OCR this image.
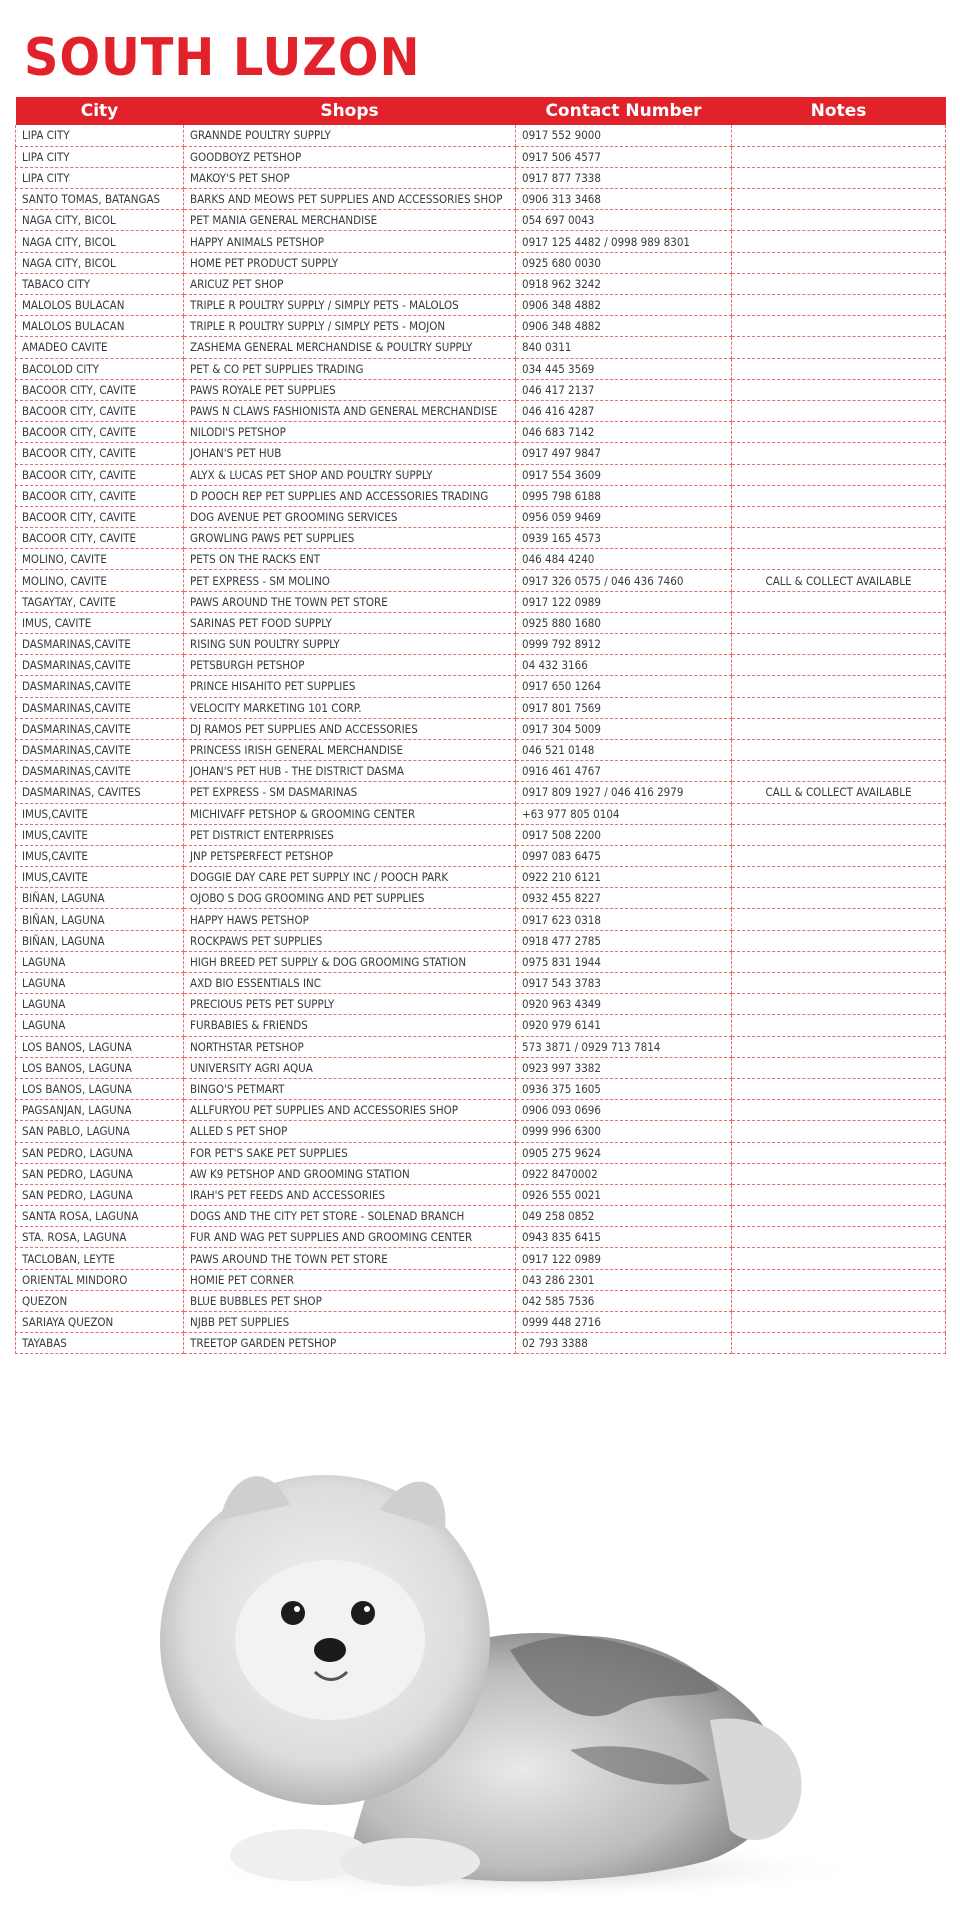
SOUTH LUZON
City	Shops	Contact Number	Notes
LIPA CITY	GRANNDE POULTRY SUPPLY	0917 552 9000	
LIPA CITY	GOODBOYZ PETSHOP	0917 506 4577	
LIPA CITY	MAKOY'S PET SHOP	0917 877 7338	
SANTO TOMAS, BATANGAS	BARKS AND MEOWS PET SUPPLIES AND ACCESSORIES SHOP	0906 313 3468	
NAGA CITY, BICOL	PET MANIA GENERAL MERCHANDISE	054 697 0043	
NAGA CITY, BICOL	HAPPY ANIMALS PETSHOP	0917 125 4482 / 0998 989 8301	
NAGA CITY, BICOL	HOME PET PRODUCT SUPPLY	0925 680 0030	
TABACO CITY	ARICUZ PET SHOP	0918 962 3242	
MALOLOS BULACAN	TRIPLE R POULTRY SUPPLY / SIMPLY PETS - MALOLOS	0906 348 4882	
MALOLOS BULACAN	TRIPLE R POULTRY SUPPLY / SIMPLY PETS - MOJON	0906 348 4882	
AMADEO CAVITE	ZASHEMA GENERAL MERCHANDISE & POULTRY SUPPLY	840 0311	
BACOLOD CITY	PET & CO PET SUPPLIES TRADING	034 445 3569	
BACOOR CITY, CAVITE	PAWS ROYALE PET SUPPLIES	046 417 2137	
BACOOR CITY, CAVITE	PAWS N CLAWS FASHIONISTA AND GENERAL MERCHANDISE	046 416 4287	
BACOOR CITY, CAVITE	NILODI'S PETSHOP	046 683 7142	
BACOOR CITY, CAVITE	JOHAN'S PET HUB	0917 497 9847	
BACOOR CITY, CAVITE	ALYX & LUCAS PET SHOP AND POULTRY SUPPLY	0917 554 3609	
BACOOR CITY, CAVITE	D POOCH REP PET SUPPLIES AND ACCESSORIES TRADING	0995 798 6188	
BACOOR CITY, CAVITE	DOG AVENUE PET GROOMING SERVICES	0956 059 9469	
BACOOR CITY, CAVITE	GROWLING PAWS PET SUPPLIES	0939 165 4573	
MOLINO, CAVITE	PETS ON THE RACKS ENT	046 484 4240	
MOLINO, CAVITE	PET EXPRESS - SM MOLINO	0917 326 0575 / 046 436 7460	CALL & COLLECT AVAILABLE
TAGAYTAY, CAVITE	PAWS AROUND THE TOWN PET STORE	0917 122 0989	
IMUS, CAVITE	SARINAS PET FOOD SUPPLY	0925 880 1680	
DASMARINAS,CAVITE	RISING SUN POULTRY SUPPLY	0999 792 8912	
DASMARINAS,CAVITE	PETSBURGH PETSHOP	04 432 3166	
DASMARINAS,CAVITE	PRINCE HISAHITO PET SUPPLIES	0917 650 1264	
DASMARINAS,CAVITE	VELOCITY MARKETING 101 CORP.	0917 801 7569	
DASMARINAS,CAVITE	DJ RAMOS PET SUPPLIES AND ACCESSORIES	0917 304 5009	
DASMARINAS,CAVITE	PRINCESS IRISH GENERAL MERCHANDISE	046 521 0148	
DASMARINAS,CAVITE	JOHAN'S PET HUB - THE DISTRICT DASMA	0916 461 4767	
DASMARINAS, CAVITES	PET EXPRESS - SM DASMARINAS	0917 809 1927 / 046 416 2979	CALL & COLLECT AVAILABLE
IMUS,CAVITE	MICHIVAFF PETSHOP & GROOMING CENTER	+63 977 805 0104	
IMUS,CAVITE	PET DISTRICT ENTERPRISES	0917 508 2200	
IMUS,CAVITE	JNP PETSPERFECT PETSHOP	0997 083 6475	
IMUS,CAVITE	DOGGIE DAY CARE PET SUPPLY INC / POOCH PARK	0922 210 6121	
BIÑAN, LAGUNA	OJOBO S DOG GROOMING AND PET SUPPLIES	0932 455 8227	
BIÑAN, LAGUNA	HAPPY HAWS PETSHOP	0917 623 0318	
BIÑAN, LAGUNA	ROCKPAWS PET SUPPLIES	0918 477 2785	
LAGUNA	HIGH BREED PET SUPPLY & DOG GROOMING STATION	0975 831 1944	
LAGUNA	AXD BIO ESSENTIALS INC	0917 543 3783	
LAGUNA	PRECIOUS PETS PET SUPPLY	0920 963 4349	
LAGUNA	FURBABIES & FRIENDS	0920 979 6141	
LOS BANOS, LAGUNA	NORTHSTAR PETSHOP	573 3871 / 0929 713 7814	
LOS BANOS, LAGUNA	UNIVERSITY AGRI AQUA	0923 997 3382	
LOS BANOS, LAGUNA	BINGO'S PETMART	0936 375 1605	
PAGSANJAN, LAGUNA	ALLFURYOU PET SUPPLIES AND ACCESSORIES SHOP	0906 093 0696	
SAN PABLO, LAGUNA	ALLED S PET SHOP	0999 996 6300	
SAN PEDRO, LAGUNA	FOR PET'S SAKE PET SUPPLIES	0905 275 9624	
SAN PEDRO, LAGUNA	AW K9 PETSHOP AND GROOMING STATION	0922 8470002	
SAN PEDRO, LAGUNA	IRAH'S PET FEEDS AND ACCESSORIES	0926 555 0021	
SANTA ROSA, LAGUNA	DOGS AND THE CITY PET STORE - SOLENAD BRANCH	049 258 0852	
STA. ROSA, LAGUNA	FUR AND WAG PET SUPPLIES AND GROOMING CENTER	0943 835 6415	
TACLOBAN, LEYTE	PAWS AROUND THE TOWN PET STORE	0917 122 0989	
ORIENTAL MINDORO	HOMIE PET CORNER	043 286 2301	
QUEZON	BLUE BUBBLES PET SHOP	042 585 7536	
SARIAYA QUEZON	NJBB PET SUPPLIES	0999 448 2716	
TAYABAS	TREETOP GARDEN PETSHOP	02 793 3388	
